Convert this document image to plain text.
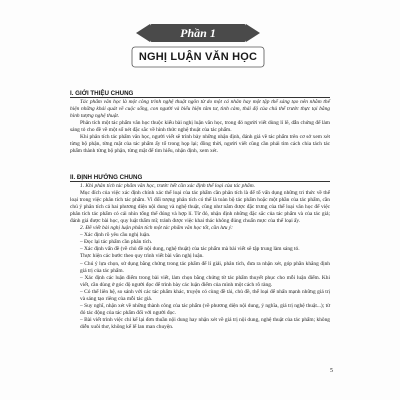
Phần 1
NGHỊ LUẬN VĂN HỌC
I. GIỚI THIỆU CHUNG

Tác phẩm văn học là một công trình nghệ thuật ngôn từ do một cá nhân hay một tập thể sáng tạo nên nhằm thể hiện những khái quát về cuộc sống, con người và biểu hiện tâm tư, tình cảm, thái độ của chủ thể trước thực tại bằng hình tượng nghệ thuật.

Phân tích một tác phẩm văn học thuộc kiểu bài nghị luận văn học, trong đó người viết dùng lí lẽ, dẫn chứng để làm sáng tỏ cho đề về một số nét đặc sắc về hình thức nghệ thuật của tác phẩm.

Khi phân tích tác phẩm văn học, người viết sẽ trình bày những nhận định, đánh giá về tác phẩm trên cơ sở xem xét từng bộ phận, từng mặt của tác phẩm ấy tổ trong họp lại; đồng thời, người viết cũng cần phải tìm cách chia tách tác phẩm thành từng bộ phận, từng mặt để tìm hiểu, nhận định, xem xét.

II. ĐỊNH HƯỚNG CHUNG

1. Khi phân tích tác phẩm văn học, trước hết cần xác định thể loại của tác phẩm.

Mục đích của việc xác định chính xác thể loại của tác phẩm cần phân tích là để tổ vấn dụng những tri thức về thể loại trong việc phân tích tác phẩm. Vì đối tượng phân tích có thể là toàn bộ tác phẩm hoặc một phần của tác phẩm, cần chú ý phân tích cả hai phương diện nội dung và nghệ thuật, cũng như nắm được đặc trưng của thể loại văn học để việc phân tích tác phẩm có cái nhìn tổng thể đúng và hợp lí. Từ đó, nhận định những đặc sắc của tác phẩm và của tác giả; đánh giá được bài học, quy luật thẩm mĩ; tránh được việc khai thác không đúng chuẩn mực của thể loại ấy.

2. Đề viết bài nghị luận phân tích một tác phẩm văn học tốt, cần lưu ý:

– Xác định rõ yêu cầu nghị luận.

– Đọc lại tác phẩm cần phân tích.

– Xác định vấn đề (về chủ đề nội dung, nghệ thuật) của tác phẩm mà bài viết sẽ tập trung làm sáng tỏ.

Thực hiện các bước theo quy trình viết bài văn nghị luận.

– Chú ý lựa chọn, sử dụng bằng chứng trong tác phẩm để lí giải, phân tích, đưa ra nhận xét, góp phần khẳng định giá trị của tác phẩm.

– Xác định các luận điểm trong bài viết, làm chọn bằng chứng từ tác phẩm thuyết phục cho mỗi luận điểm. Khi viết, cần dùng ở góc độ người đọc để trình bày các luận điểm của mình một cách rõ ràng.

– Có thể liên hệ, so sánh với các tác phẩm khác, truyện có cùng đề tài, chủ đề, thể loại để nhấn mạnh những giá trị và sáng tạo riêng của mỗi tác giả.

– Suy nghĩ, nhận xét về những thành công của tác phẩm (về phương diện nội dung, ý nghĩa, giá trị nghệ thuật...); từ đó tác động của tác phẩm đối với người đọc.

– Bài viết trình việc chỉ kể lại đơn thuần nội dung hay nhận xét về giá trị nội dung, nghệ thuật của tác phẩm; không diễn xuôi thơ, không kể lể lan man chuyện.

5
